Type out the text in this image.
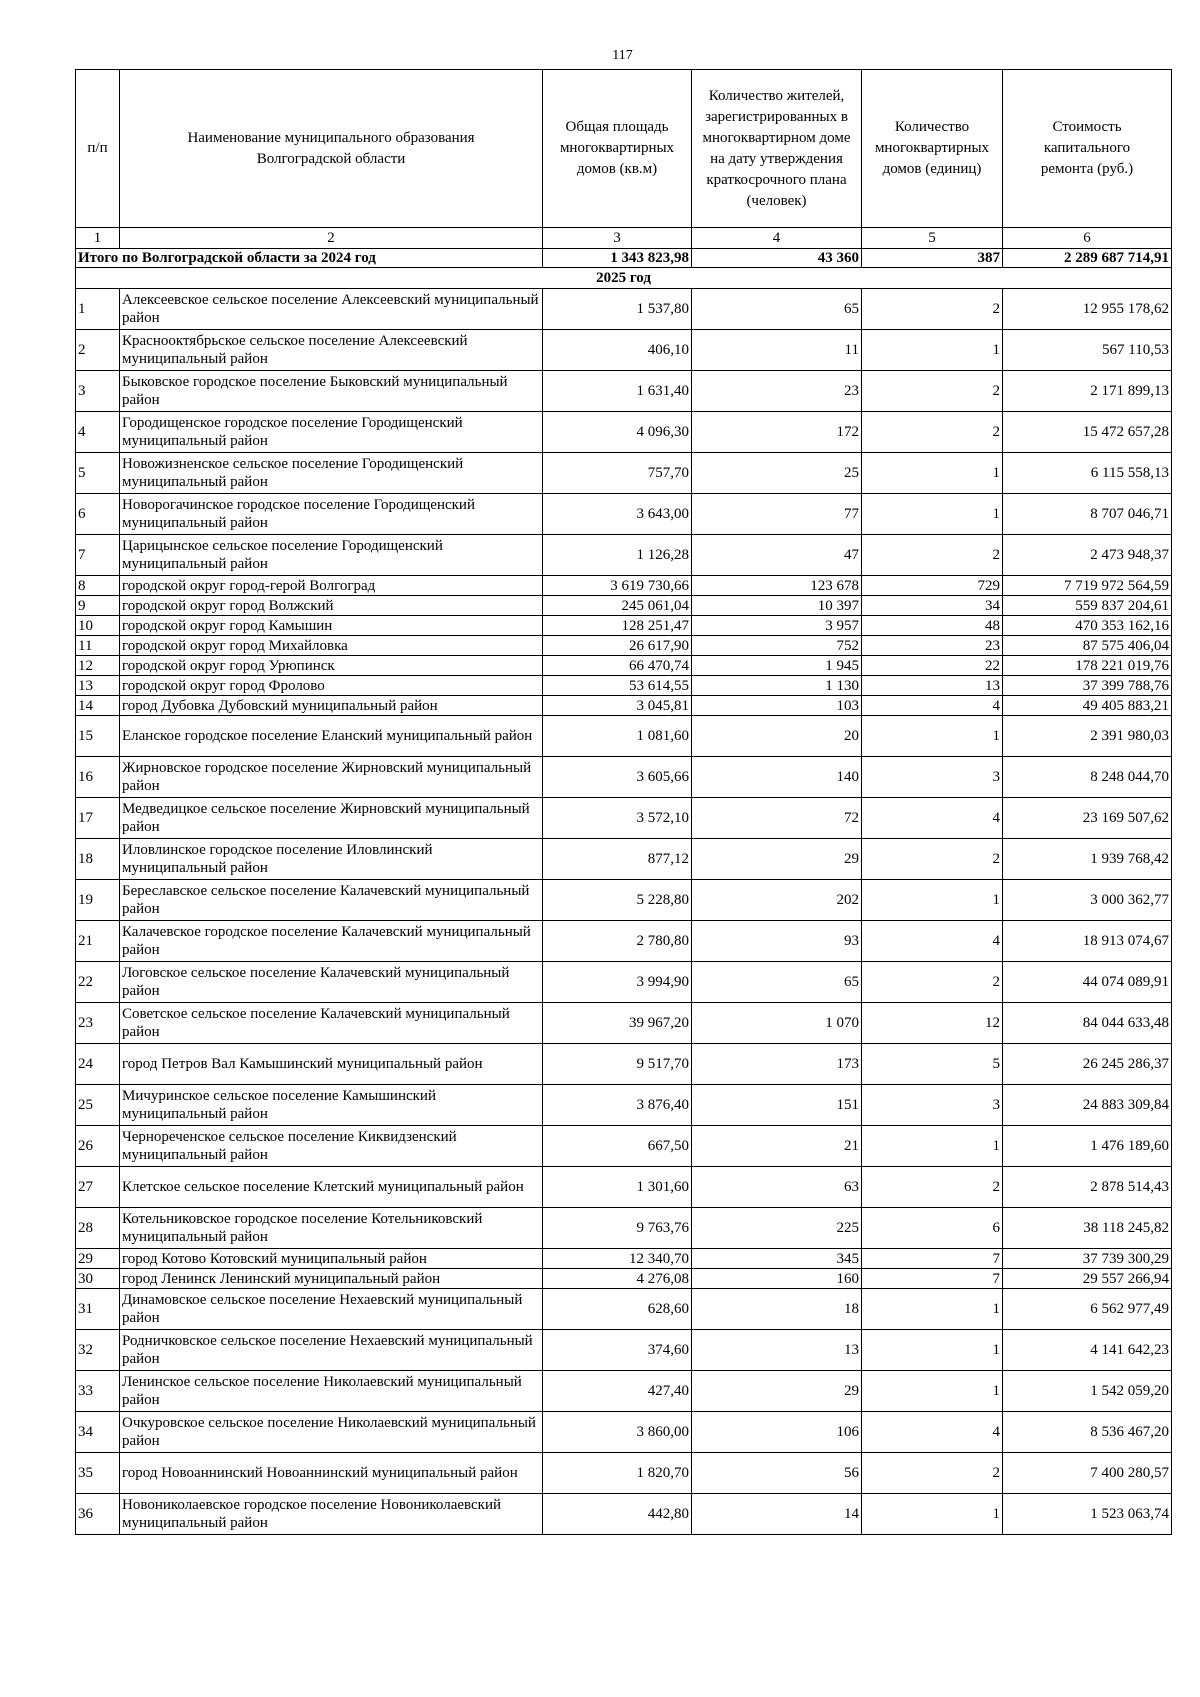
117
п/п	Наименование муниципального образования Волгоградской области	Общая площадь многоквартирных домов (кв.м)	Количество жителей, зарегистрированных в многоквартирном доме на дату утверждения краткосрочного плана (человек)	Количество многоквартирных домов (единиц)	Стоимость капитального ремонта (руб.)
1	2	3	4	5	6
Итого по Волгоградской области за 2024 год		1 343 823,98	43 360	387	2 289 687 714,91
2025 год					
1	Алексеевское сельское поселение Алексеевский муниципальный район	1 537,80	65	2	12 955 178,62
2	Краснооктябрьское сельское поселение Алексеевский муниципальный район	406,10	11	1	567 110,53
3	Быковское городское поселение Быковский муниципальный район	1 631,40	23	2	2 171 899,13
4	Городищенское городское поселение Городищенский муниципальный район	4 096,30	172	2	15 472 657,28
5	Новожизненское сельское поселение Городищенский муниципальный район	757,70	25	1	6 115 558,13
6	Новорогачинское городское поселение Городищенский муниципальный район	3 643,00	77	1	8 707 046,71
7	Царицынское сельское поселение Городищенский муниципальный район	1 126,28	47	2	2 473 948,37
8	городской округ город-герой Волгоград	3 619 730,66	123 678	729	7 719 972 564,59
9	городской округ город Волжский	245 061,04	10 397	34	559 837 204,61
10	городской округ город Камышин	128 251,47	3 957	48	470 353 162,16
11	городской округ город Михайловка	26 617,90	752	23	87 575 406,04
12	городской округ город Урюпинск	66 470,74	1 945	22	178 221 019,76
13	городской округ город Фролово	53 614,55	1 130	13	37 399 788,76
14	город Дубовка Дубовский муниципальный район	3 045,81	103	4	49 405 883,21
15	Еланское городское поселение Еланский муниципальный район	1 081,60	20	1	2 391 980,03
16	Жирновское городское поселение Жирновский муниципальный район	3 605,66	140	3	8 248 044,70
17	Медведицкое сельское поселение Жирновский муниципальный район	3 572,10	72	4	23 169 507,62
18	Иловлинское городское поселение Иловлинский муниципальный район	877,12	29	2	1 939 768,42
19	Береславское сельское поселение Калачевский муниципальный район	5 228,80	202	1	3 000 362,77
21	Калачевское городское поселение Калачевский муниципальный район	2 780,80	93	4	18 913 074,67
22	Логовское сельское поселение Калачевский муниципальный район	3 994,90	65	2	44 074 089,91
23	Советское сельское поселение Калачевский муниципальный район	39 967,20	1 070	12	84 044 633,48
24	город Петров Вал Камышинский муниципальный район	9 517,70	173	5	26 245 286,37
25	Мичуринское сельское поселение Камышинский муниципальный район	3 876,40	151	3	24 883 309,84
26	Чернореченское сельское поселение Киквидзенский муниципальный район	667,50	21	1	1 476 189,60
27	Клетское сельское поселение Клетский муниципальный район	1 301,60	63	2	2 878 514,43
28	Котельниковское городское поселение Котельниковский муниципальный район	9 763,76	225	6	38 118 245,82
29	город Котово Котовский муниципальный район	12 340,70	345	7	37 739 300,29
30	город Ленинск Ленинский муниципальный район	4 276,08	160	7	29 557 266,94
31	Динамовское сельское поселение Нехаевский муниципальный район	628,60	18	1	6 562 977,49
32	Родничковское сельское поселение Нехаевский муниципальный район	374,60	13	1	4 141 642,23
33	Ленинское сельское поселение Николаевский муниципальный район	427,40	29	1	1 542 059,20
34	Очкуровское сельское поселение Николаевский муниципальный район	3 860,00	106	4	8 536 467,20
35	город Новоаннинский Новоаннинский муниципальный район	1 820,70	56	2	7 400 280,57
36	Новониколаевское городское поселение Новониколаевский муниципальный район	442,80	14	1	1 523 063,74
